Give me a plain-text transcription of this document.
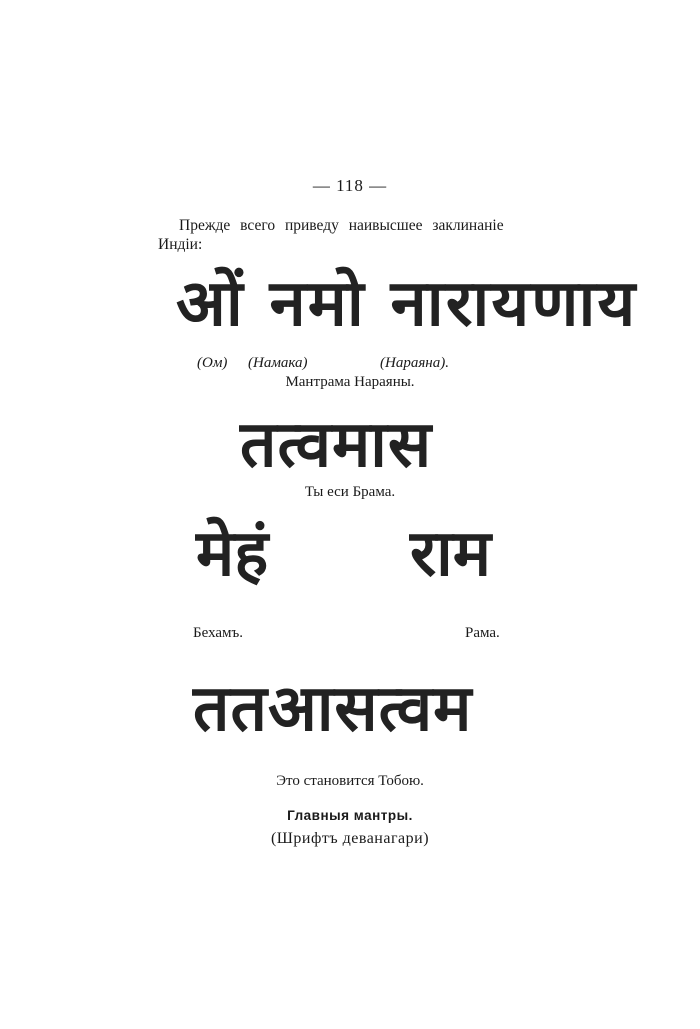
— 118 —
Прежде всего приведу наивысшее заклинаніе
Индіи:
ओं नमो नारायणाय
(Ом) (Намака)	(Нараяна).
Мантрама Нараяны.
तत्वमास
Ты еси Брама.
मेहं राम
Бехамъ.	Рама.
ततआसत्वम
Это становится Тобою.
Главныя мантры.
(Шрифтъ деванагари)
